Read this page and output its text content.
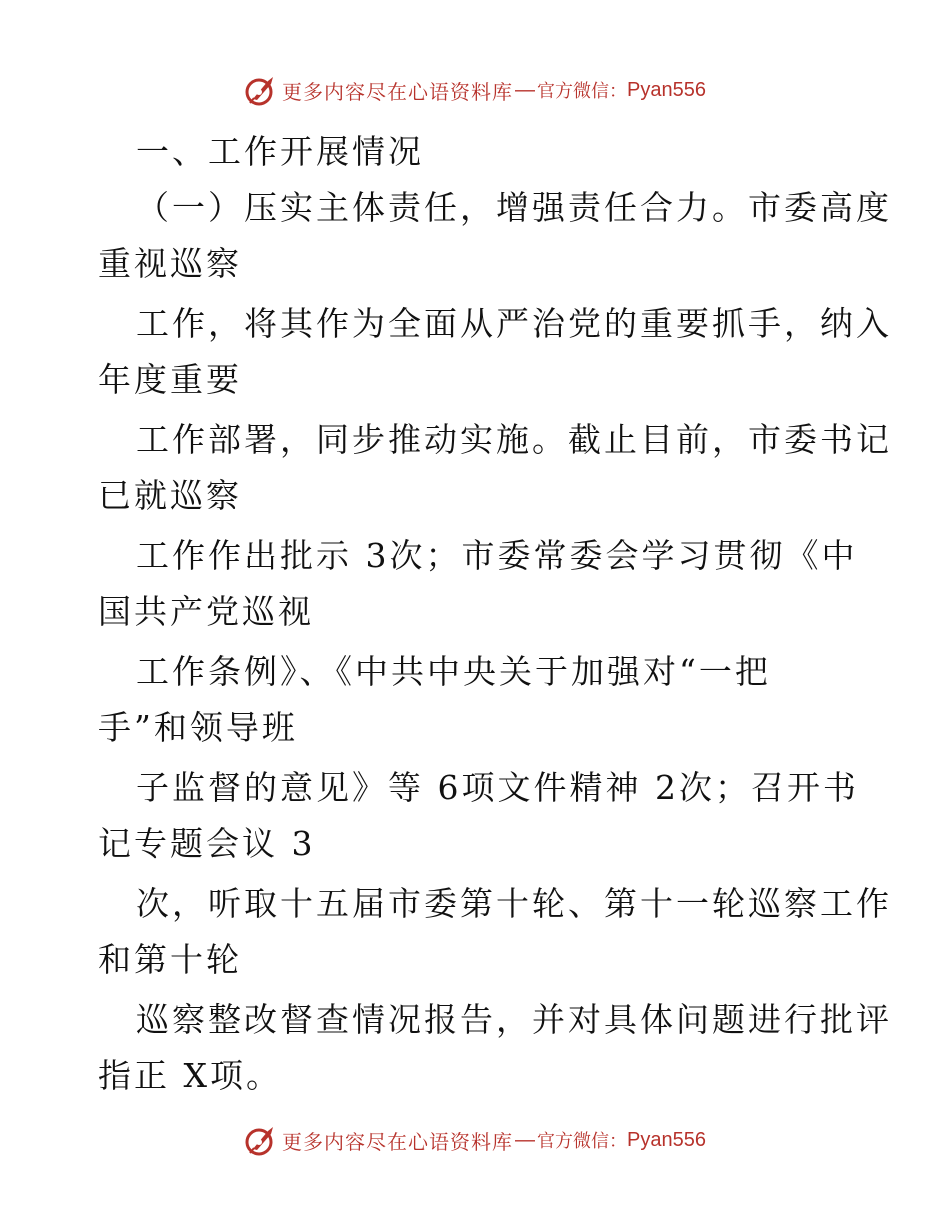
更多内容尽在心语资料库 — 官方微信： Pyan556
一、工作开展情况
（一）压实主体责任，增强责任合力。市委高度
重视巡察
工作，将其作为全面从严治党的重要抓手，纳入
年度重要
工作部署，同步推动实施。截止目前，市委书记
已就巡察
工作作出批示 3次；市委常委会学习贯彻《中
国共产党巡视
工作条例》、《中共中央关于加强对“一把
手”和领导班
子监督的意见》等 6项文件精神 2次；召开书
记专题会议 3
次，听取十五届市委第十轮、第十一轮巡察工作
和第十轮
巡察整改督查情况报告，并对具体问题进行批评
指正 X项。
更多内容尽在心语资料库 — 官方微信： Pyan556
